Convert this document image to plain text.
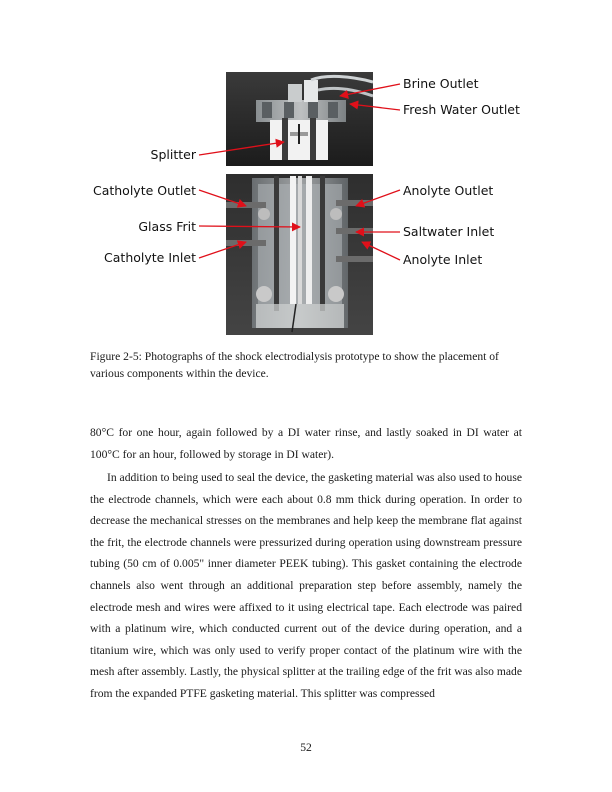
Brine Outlet
Fresh Water Outlet
Splitter
Catholyte Outlet	Anolyte Outlet
Glass Frit	Saltwater Inlet
Catholyte Inlet	Anolyte Inlet

Figure 2-5: Photographs of the shock electrodialysis prototype to show the placement of various components within the device.

80°C for one hour, again followed by a DI water rinse, and lastly soaked in DI water at 100°C for an hour, followed by storage in DI water).

In addition to being used to seal the device, the gasketing material was also used to house the electrode channels, which were each about 0.8 mm thick during operation. In order to decrease the mechanical stresses on the membranes and help keep the membrane flat against the frit, the electrode channels were pressurized during operation using downstream pressure tubing (50 cm of 0.005" inner diameter PEEK tubing). This gasket containing the electrode channels also went through an additional preparation step before assembly, namely the electrode mesh and wires were affixed to it using electrical tape. Each electrode was paired with a platinum wire, which conducted current out of the device during operation, and a titanium wire, which was only used to verify proper contact of the platinum wire with the mesh after assembly. Lastly, the physical splitter at the trailing edge of the frit was also made from the expanded PTFE gasketing material. This splitter was compressed

52
